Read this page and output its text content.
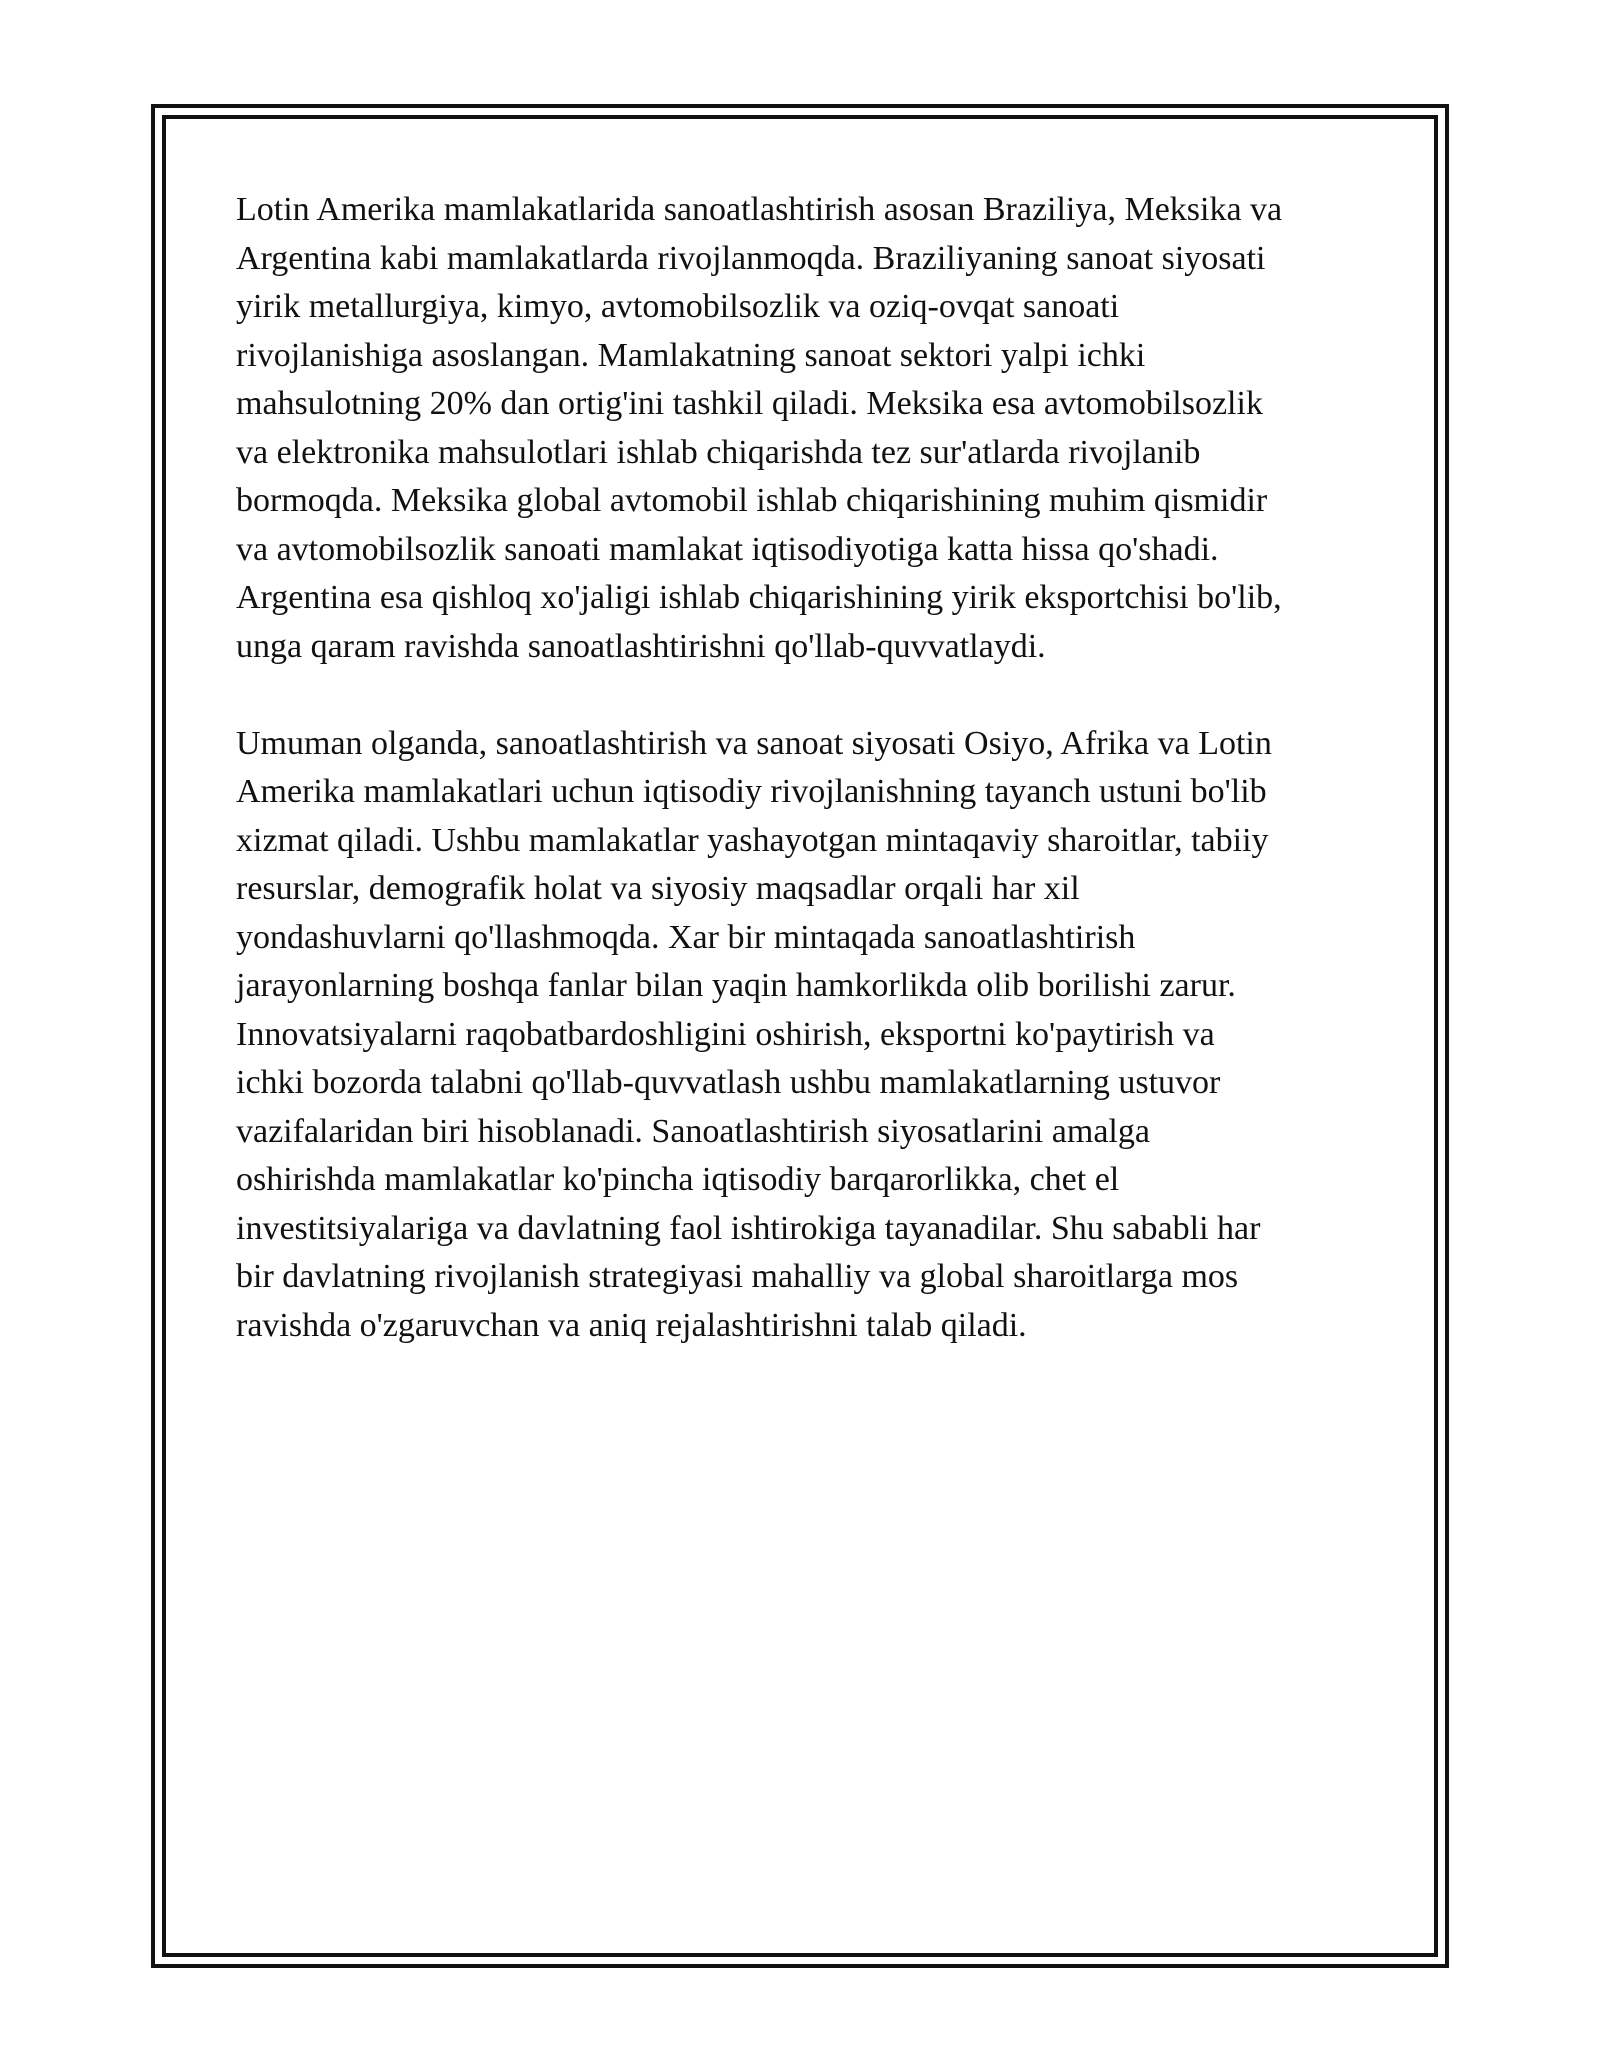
Lotin Amerika mamlakatlarida sanoatlashtirish asosan Braziliya, Meksika va
Argentina kabi mamlakatlarda rivojlanmoqda. Braziliyaning sanoat siyosati
yirik metallurgiya, kimyo, avtomobilsozlik va oziq-ovqat sanoati
rivojlanishiga asoslangan. Mamlakatning sanoat sektori yalpi ichki
mahsulotning 20% dan ortig'ini tashkil qiladi. Meksika esa avtomobilsozlik
va elektronika mahsulotlari ishlab chiqarishda tez sur'atlarda rivojlanib
bormoqda. Meksika global avtomobil ishlab chiqarishining muhim qismidir
va avtomobilsozlik sanoati mamlakat iqtisodiyotiga katta hissa qo'shadi.
Argentina esa qishloq xo'jaligi ishlab chiqarishining yirik eksportchisi bo'lib,
unga qaram ravishda sanoatlashtirishni qo'llab-quvvatlaydi.

Umuman olganda, sanoatlashtirish va sanoat siyosati Osiyo, Afrika va Lotin
Amerika mamlakatlari uchun iqtisodiy rivojlanishning tayanch ustuni bo'lib
xizmat qiladi. Ushbu mamlakatlar yashayotgan mintaqaviy sharoitlar, tabiiy
resurslar, demografik holat va siyosiy maqsadlar orqali har xil
yondashuvlarni qo'llashmoqda. Xar bir mintaqada sanoatlashtirish
jarayonlarning boshqa fanlar bilan yaqin hamkorlikda olib borilishi zarur.
Innovatsiyalarni raqobatbardoshligini oshirish, eksportni ko'paytirish va
ichki bozorda talabni qo'llab-quvvatlash ushbu mamlakatlarning ustuvor
vazifalaridan biri hisoblanadi. Sanoatlashtirish siyosatlarini amalga
oshirishda mamlakatlar ko'pincha iqtisodiy barqarorlikka, chet el
investitsiyalariga va davlatning faol ishtirokiga tayanadilar. Shu sababli har
bir davlatning rivojlanish strategiyasi mahalliy va global sharoitlarga mos
ravishda o'zgaruvchan va aniq rejalashtirishni talab qiladi.
